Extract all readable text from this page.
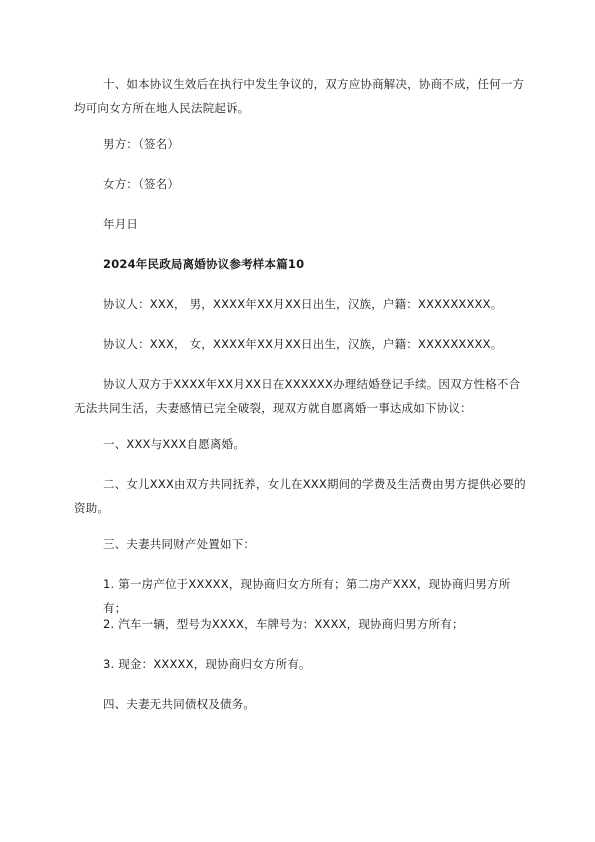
十、如本协议生效后在执行中发生争议的，双方应协商解决，协商不成，任何一方均可向女方所在地人民法院起诉。

男方：（签名）

女方：（签名）

年月日

2024年民政局离婚协议参考样本篇10

协议人：XXX， 男，XXXX年XX月XX日出生，汉族，户籍：XXXXXXXXX。

协议人：XXX， 女，XXXX年XX月XX日出生，汉族，户籍：XXXXXXXXX。

协议人双方于XXXX年XX月XX日在XXXXXX办理结婚登记手续。因双方性格不合无法共同生活，夫妻感情已完全破裂，现双方就自愿离婚一事达成如下协议：

一、XXX与XXX自愿离婚。

二、女儿XXX由双方共同抚养，女儿在XXX期间的学费及生活费由男方提供必要的资助。

三、夫妻共同财产处置如下：

1. 第一房产位于XXXXX，现协商归女方所有；第二房产XXX，现协商归男方所有；

2. 汽车一辆，型号为XXXX，车牌号为：XXXX，现协商归男方所有；

3. 现金：XXXXX，现协商归女方所有。

四、夫妻无共同债权及债务。
